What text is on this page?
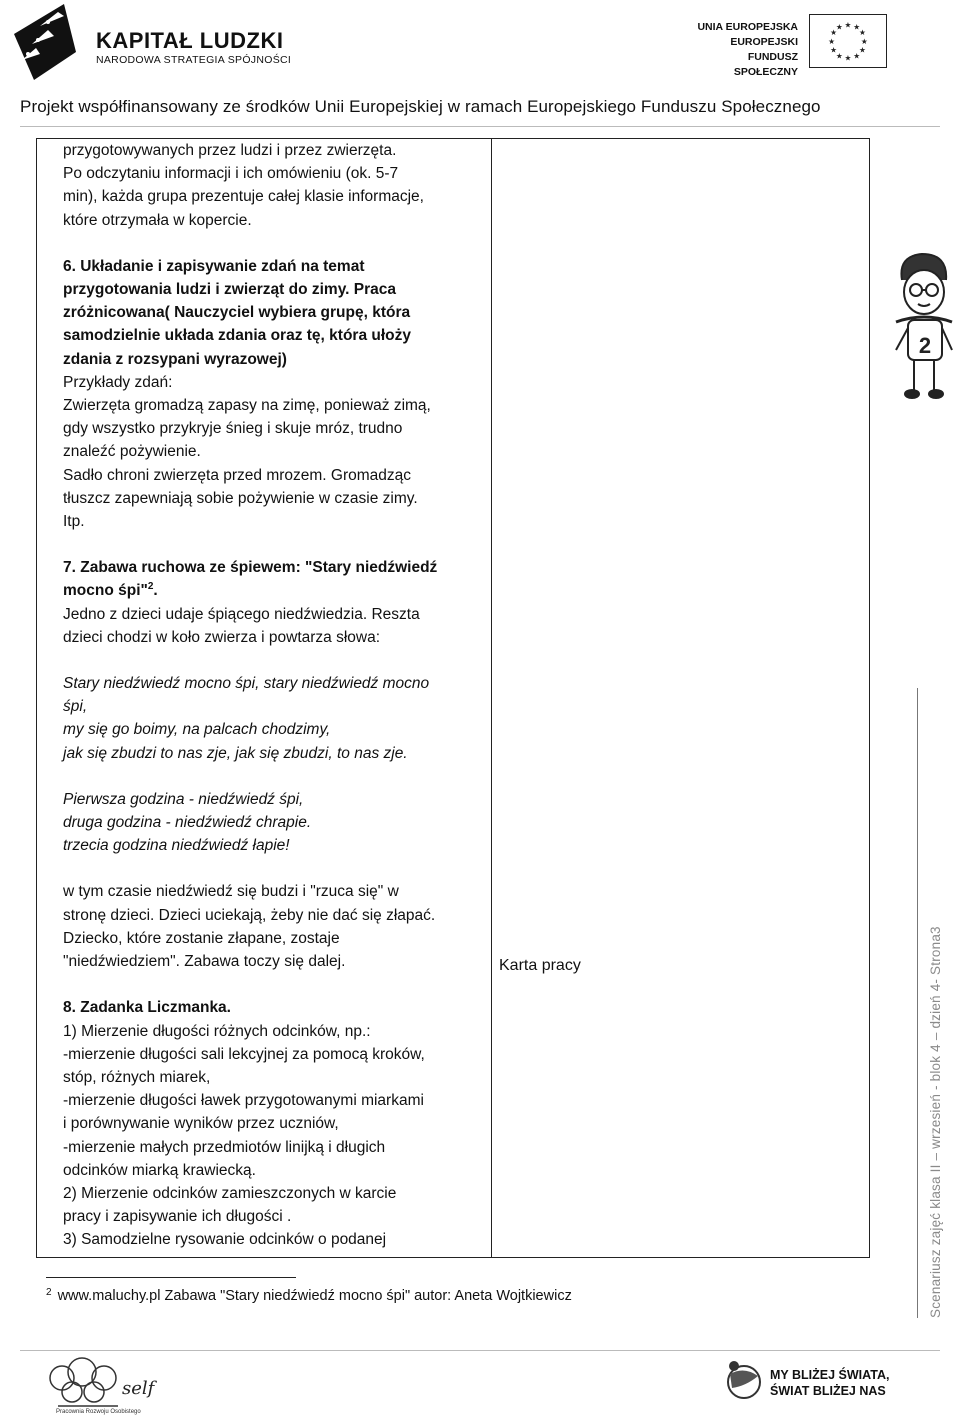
KAPITAŁ LUDZKI
NARODOWA STRATEGIA SPÓJNOŚCI
UNIA EUROPEJSKA
EUROPEJSKI
FUNDUSZ SPOŁECZNY
★ ★
★
★
★
★
★
★
★
★
★
★
Projekt współfinansowany ze środków Unii Europejskiej w ramach Europejskiego Funduszu Społecznego

przygotowywanych przez ludzi i przez zwierzęta.

Po odczytaniu informacji i ich omówieniu (ok. 5-7

min), każda grupa prezentuje całej klasie informacje,

które otrzymała w kopercie.

6. Układanie i zapisywanie zdań na temat

przygotowania ludzi i zwierząt do zimy. Praca

zróżnicowana( Nauczyciel wybiera grupę, która

samodzielnie układa zdania oraz tę, która ułoży

zdania z rozsypani wyrazowej)

Przykłady zdań:

Zwierzęta gromadzą zapasy na zimę, ponieważ zimą,

gdy wszystko przykryje śnieg i skuje mróz, trudno

znaleźć pożywienie.

Sadło chroni zwierzęta przed mrozem. Gromadząc

tłuszcz zapewniają sobie pożywienie w czasie zimy.

Itp.

7. Zabawa ruchowa ze śpiewem: "Stary niedźwiedź

mocno śpi"$^2$.

Jedno z dzieci udaje śpiącego niedźwiedzia. Reszta

dzieci chodzi w koło zwierza i powtarza słowa:

Stary niedźwiedź mocno śpi, stary niedźwiedź mocno

śpi,

my się go boimy, na palcach chodzimy,

jak się zbudzi to nas zje, jak się zbudzi, to nas zje.

Pierwsza godzina - niedźwiedź śpi,

druga godzina - niedźwiedź chrapie.

trzecia godzina niedźwiedź łapie!

w tym czasie niedźwiedź się budzi i "rzuca się" w

stronę dzieci. Dzieci uciekają, żeby nie dać się złapać.

Dziecko, które zostanie złapane, zostaje

"niedźwiedziem". Zabawa toczy się dalej.

8. Zadanka Liczmanka.

1) Mierzenie długości różnych odcinków, np.:

-mierzenie długości sali lekcyjnej za pomocą kroków,

stóp, różnych miarek,

-mierzenie długości ławek przygotowanymi miarkami

i porównywanie wyników przez uczniów,

-mierzenie małych przedmiotów linijką i długich

odcinków miarką krawiecką.

2) Mierzenie odcinków zamieszczonych w karcie

pracy i zapisywanie ich długości .

3) Samodzielne rysowanie odcinków o podanej

Karta pracy
2
Scenariusz zajęć klasa II – wrzesień - blok 4 – dzień 4- Strona3
$^2$ www.maluchy.pl Zabawa "Stary niedźwiedź mocno śpi" autor: Aneta Wojtkiewicz
self
Pracownia Rozwoju Osobistego
MY BLIŻEJ ŚWIATA,
ŚWIAT BLIŻEJ NAS
